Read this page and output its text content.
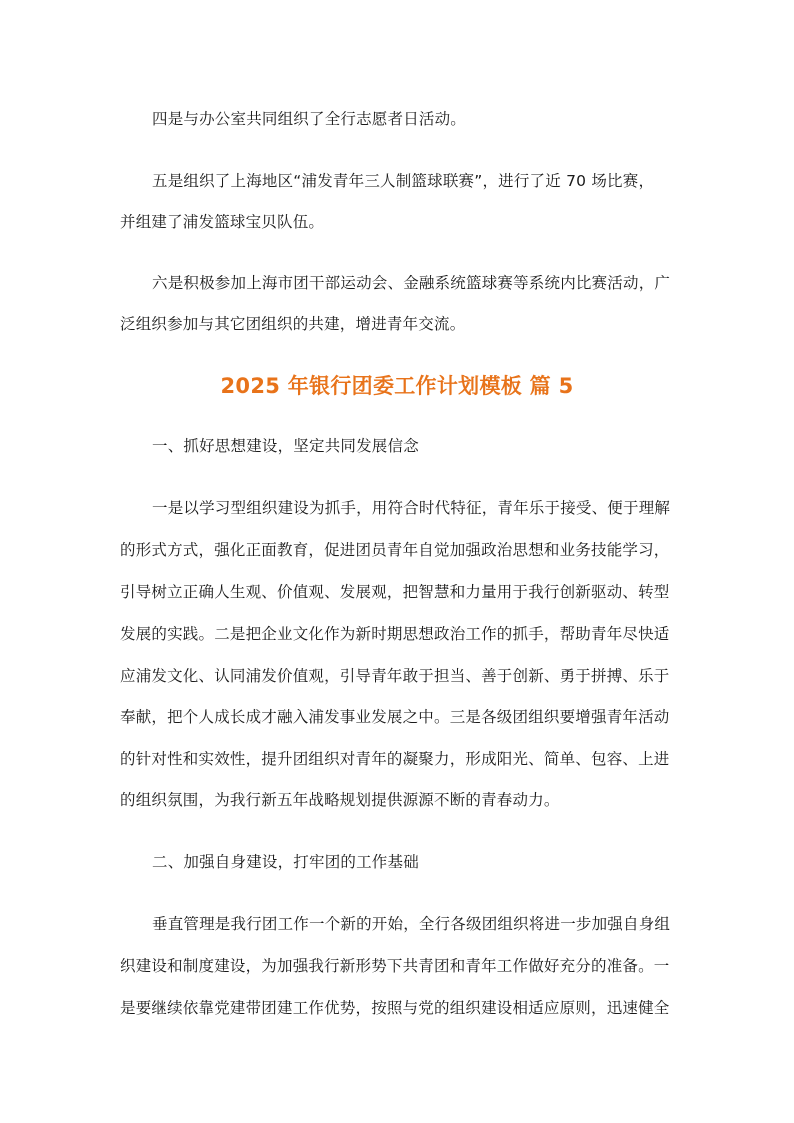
四是与办公室共同组织了全行志愿者日活动。

五是组织了上海地区“浦发青年三人制篮球联赛”，进行了近 70 场比赛，

并组建了浦发篮球宝贝队伍。

六是积极参加上海市团干部运动会、金融系统篮球赛等系统内比赛活动，广

泛组织参加与其它团组织的共建，增进青年交流。

2025 年银行团委工作计划模板 篇 5

一、抓好思想建设，坚定共同发展信念

一是以学习型组织建设为抓手，用符合时代特征，青年乐于接受、便于理解

的形式方式，强化正面教育，促进团员青年自觉加强政治思想和业务技能学习，

引导树立正确人生观、价值观、发展观，把智慧和力量用于我行创新驱动、转型

发展的实践。二是把企业文化作为新时期思想政治工作的抓手，帮助青年尽快适

应浦发文化、认同浦发价值观，引导青年敢于担当、善于创新、勇于拼搏、乐于

奉献，把个人成长成才融入浦发事业发展之中。三是各级团组织要增强青年活动

的针对性和实效性，提升团组织对青年的凝聚力，形成阳光、简单、包容、上进

的组织氛围，为我行新五年战略规划提供源源不断的青春动力。

二、加强自身建设，打牢团的工作基础

垂直管理是我行团工作一个新的开始，全行各级团组织将进一步加强自身组

织建设和制度建设，为加强我行新形势下共青团和青年工作做好充分的准备。一

是要继续依靠党建带团建工作优势，按照与党的组织建设相适应原则，迅速健全
